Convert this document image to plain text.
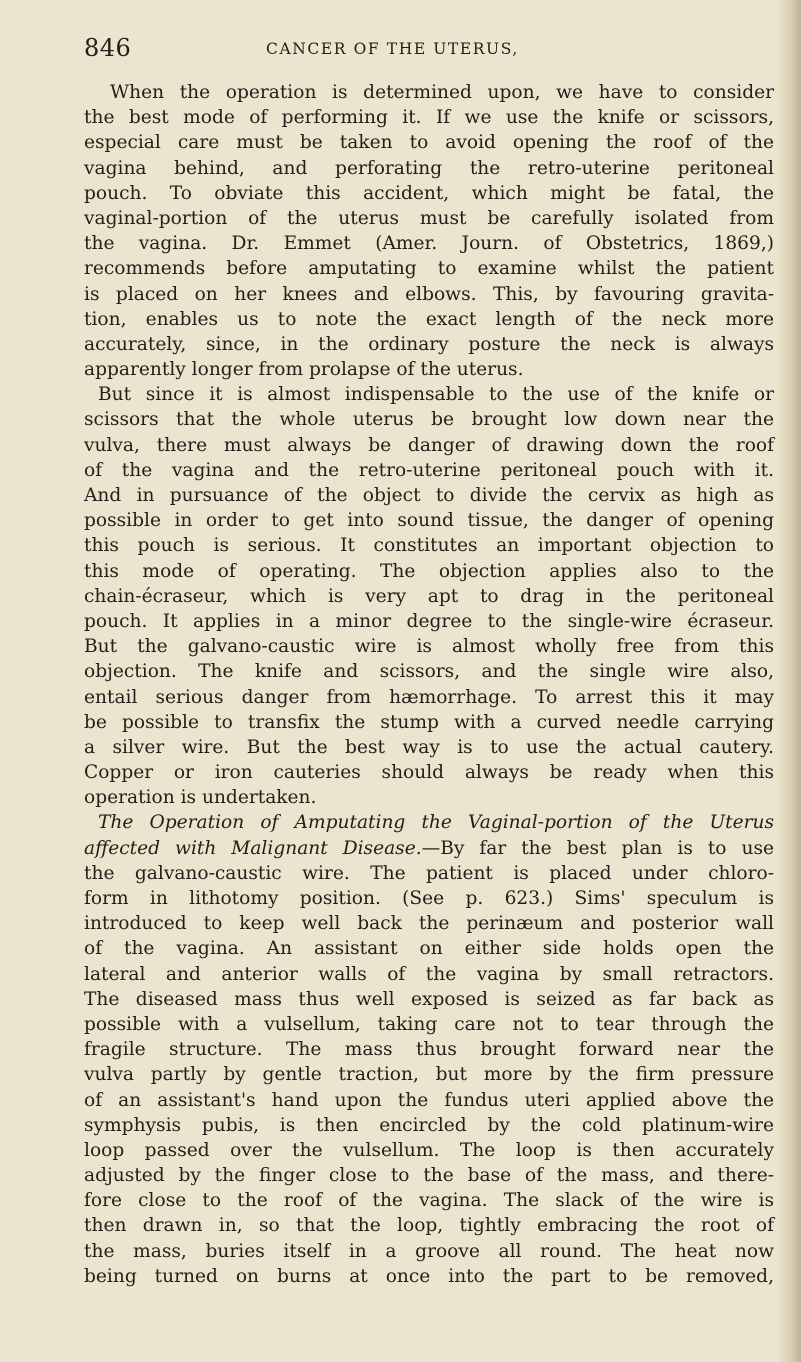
846	CANCER OF THE UTERUS,
When the operation is determined upon, we have to consider
the best mode of performing it. If we use the knife or scissors,
especial care must be taken to avoid opening the roof of the
vagina behind, and perforating the retro-uterine peritoneal
pouch. To obviate this accident, which might be fatal, the
vaginal-portion of the uterus must be carefully isolated from
the vagina. Dr. Emmet (Amer. Journ. of Obstetrics, 1869,)
recommends before amputating to examine whilst the patient
is placed on her knees and elbows. This, by favouring gravita-
tion, enables us to note the exact length of the neck more
accurately, since, in the ordinary posture the neck is always
apparently longer from prolapse of the uterus.
But since it is almost indispensable to the use of the knife or
scissors that the whole uterus be brought low down near the
vulva, there must always be danger of drawing down the roof
of the vagina and the retro-uterine peritoneal pouch with it.
And in pursuance of the object to divide the cervix as high as
possible in order to get into sound tissue, the danger of opening
this pouch is serious. It constitutes an important objection to
this mode of operating. The objection applies also to the
chain-écraseur, which is very apt to drag in the peritoneal
pouch. It applies in a minor degree to the single-wire écraseur.
But the galvano-caustic wire is almost wholly free from this
objection. The knife and scissors, and the single wire also,
entail serious danger from hæmorrhage. To arrest this it may
be possible to transfix the stump with a curved needle carrying
a silver wire. But the best way is to use the actual cautery.
Copper or iron cauteries should always be ready when this
operation is undertaken.
The Operation of Amputating the Vaginal-portion of the Uterus
affected with Malignant Disease.—By far the best plan is to use
the galvano-caustic wire. The patient is placed under chloro-
form in lithotomy position. (See p. 623.) Sims' speculum is
introduced to keep well back the perinæum and posterior wall
of the vagina. An assistant on either side holds open the
lateral and anterior walls of the vagina by small retractors.
The diseased mass thus well exposed is seized as far back as
possible with a vulsellum, taking care not to tear through the
fragile structure. The mass thus brought forward near the
vulva partly by gentle traction, but more by the firm pressure
of an assistant's hand upon the fundus uteri applied above the
symphysis pubis, is then encircled by the cold platinum-wire
loop passed over the vulsellum. The loop is then accurately
adjusted by the finger close to the base of the mass, and there-
fore close to the roof of the vagina. The slack of the wire is
then drawn in, so that the loop, tightly embracing the root of
the mass, buries itself in a groove all round. The heat now
being turned on burns at once into the part to be removed,
